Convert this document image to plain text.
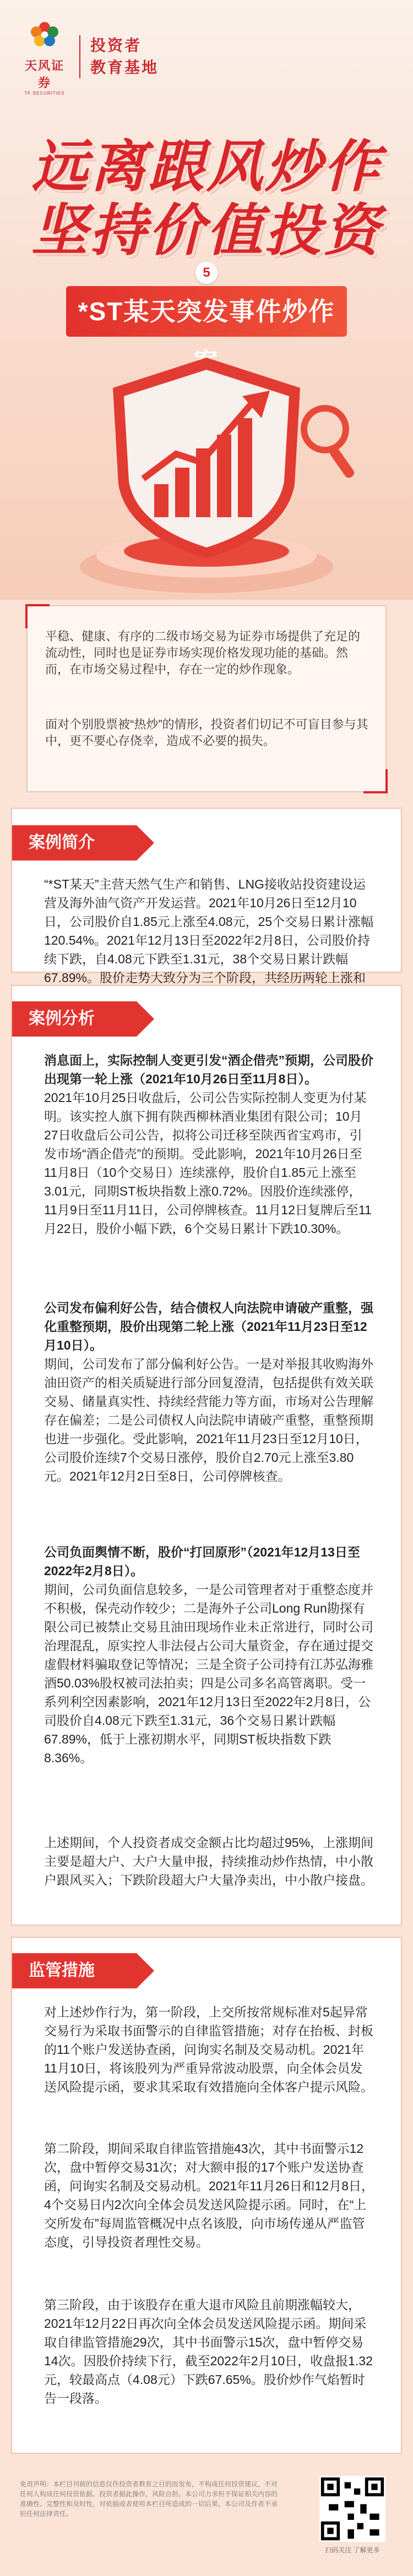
天风证券
TF SECURITIES
投资者
教育基地
远离跟风炒作
坚持价值投资
5
*ST某天突发事件炒作

平稳、健康、有序的二级市场交易为证券市场提供了充足的流动性，同时也是证券市场实现价格发现功能的基础。然而，在市场交易过程中，存在一定的炒作现象。

面对个别股票被“热炒”的情形，投资者们切记不可盲目参与其中，更不要心存侥幸，造成不必要的损失。

案例简介

“*ST某天”主营天然气生产和销售、LNG接收站投资建设运营及海外油气资产开发运营。2021年10月26日至12月10日，公司股价自1.85元上涨至4.08元，25个交易日累计涨幅120.54%。2021年12月13日至2022年2月8日，公司股价持续下跌，自4.08元下跌至1.31元，38个交易日累计跌幅67.89%。股价走势大致分为三个阶段，共经历两轮上涨和

案例分析

消息面上，实际控制人变更引发“酒企借壳”预期，公司股价出现第一轮上涨（2021年10月26日至11月8日）。

2021年10月25日收盘后，公司公告实际控制人变更为付某明。该实控人旗下拥有陕西柳林酒业集团有限公司；10月27日收盘后公司公告，拟将公司迁移至陕西省宝鸡市，引发市场“酒企借壳”的预期。受此影响，2021年10月26日至11月8日（10个交易日）连续涨停，股价自1.85元上涨至3.01元，同期ST板块指数上涨0.72%。因股价连续涨停，11月9日至11月11日，公司停牌核查。11月12日复牌后至11月22日，股价小幅下跌，6个交易日累计下跌10.30%。

公司发布偏利好公告，结合债权人向法院申请破产重整，强化重整预期，股价出现第二轮上涨（2021年11月23日至12月10日）。

期间，公司发布了部分偏利好公告。一是对举报其收购海外油田资产的相关质疑进行部分回复澄清，包括提供有效关联交易、储量真实性、持续经营能力等方面，市场对公告理解存在偏差；二是公司债权人向法院申请破产重整，重整预期也进一步强化。受此影响，2021年11月23日至12月10日，公司股价连续7个交易日涨停，股价自2.70元上涨至3.80元。2021年12月2日至8日，公司停牌核查。

公司负面舆情不断，股价“打回原形”（2021年12月13日至2022年2月8日）。

期间，公司负面信息较多，一是公司管理者对于重整态度并不积极，保壳动作较少；二是海外子公司Long Run勘探有限公司已被禁止交易且油田现场作业未正常进行，同时公司治理混乱，原实控人非法侵占公司大量资金，存在通过提交虚假材料骗取登记等情况；三是全资子公司持有江苏弘海雅酒50.03%股权被司法拍卖；四是公司多名高管离职。受一系列利空因素影响，2021年12月13日至2022年2月8日，公司股价自4.08元下跌至1.31元，36个交易日累计跌幅67.89%，低于上涨初期水平，同期ST板块指数下跌8.36%。

上述期间，个人投资者成交金额占比均超过95%，上涨期间主要是超大户、大户大量申报，持续推动炒作热情，中小散户跟风买入；下跌阶段超大户大量净卖出，中小散户接盘。

监管措施

对上述炒作行为，第一阶段，上交所按常规标准对5起异常交易行为采取书面警示的自律监管措施；对存在抬板、封板的11个账户发送协查函，问询实名制及交易动机。2021年11月10日，将该股列为严重异常波动股票，向全体会员发送风险提示函，要求其采取有效措施向全体客户提示风险。

第二阶段，期间采取自律监管措施43次，其中书面警示12次，盘中暂停交易31次；对大额申报的17个账户发送协查函，问询实名制及交易动机。2021年11月26日和12月8日，4个交易日内2次向全体会员发送风险提示函。同时，在“上交所发布”每周监管概况中点名该股，向市场传递从严监管态度，引导投资者理性交易。

第三阶段，由于该股存在重大退市风险且前期涨幅较大，2021年12月22日再次向全体会员发送风险提示函。期间采取自律监管措施29次，其中书面警示15次，盘中暂停交易14次。因股价持续下行，截至2022年2月10日，收盘报1.32元，较最高点（4.08元）下跌67.65%。股价炒作气焰暂时告一段落。

免责声明：本栏目刊载的信息仅作投资者教育之目的而发布，不构成任何投资建议，不对任何人构成任何投资依据。投资者据此操作，风险自担。本公司力求但不保证相关内容的准确性、完整性和及时性，对依据或者使用本栏目所造成的一切后果，本公司及作者不承担任何法律责任。
扫码关注 了解更多
